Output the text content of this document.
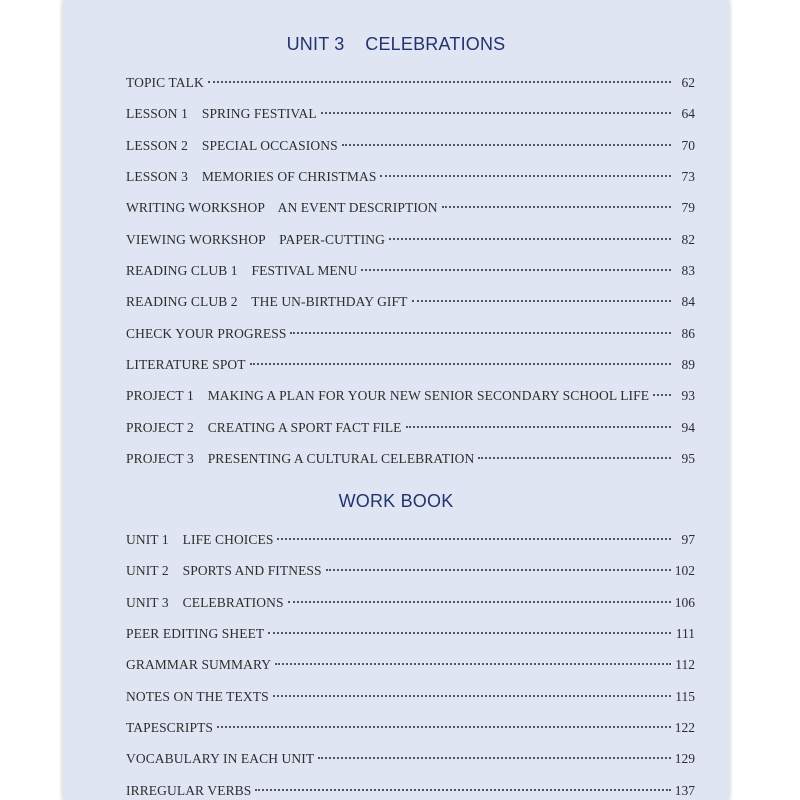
UNIT 3    CELEBRATIONS
TOPIC TALK	62
LESSON 1    SPRING FESTIVAL	64
LESSON 2    SPECIAL OCCASIONS	70
LESSON 3    MEMORIES OF CHRISTMAS	73
WRITING WORKSHOP    AN EVENT DESCRIPTION	79
VIEWING WORKSHOP    PAPER-CUTTING	82
READING CLUB 1    FESTIVAL MENU	83
READING CLUB 2    THE UN-BIRTHDAY GIFT	84
CHECK YOUR PROGRESS	86
LITERATURE SPOT	89
PROJECT 1    MAKING A PLAN FOR YOUR NEW SENIOR SECONDARY SCHOOL LIFE	93
PROJECT 2    CREATING A SPORT FACT FILE	94
PROJECT 3    PRESENTING A CULTURAL CELEBRATION	95
WORK BOOK
UNIT 1    LIFE CHOICES	97
UNIT 2    SPORTS AND FITNESS	102
UNIT 3    CELEBRATIONS	106
PEER EDITING SHEET	111
GRAMMAR SUMMARY	112
NOTES ON THE TEXTS	115
TAPESCRIPTS	122
VOCABULARY IN EACH UNIT	129
IRREGULAR VERBS	137
